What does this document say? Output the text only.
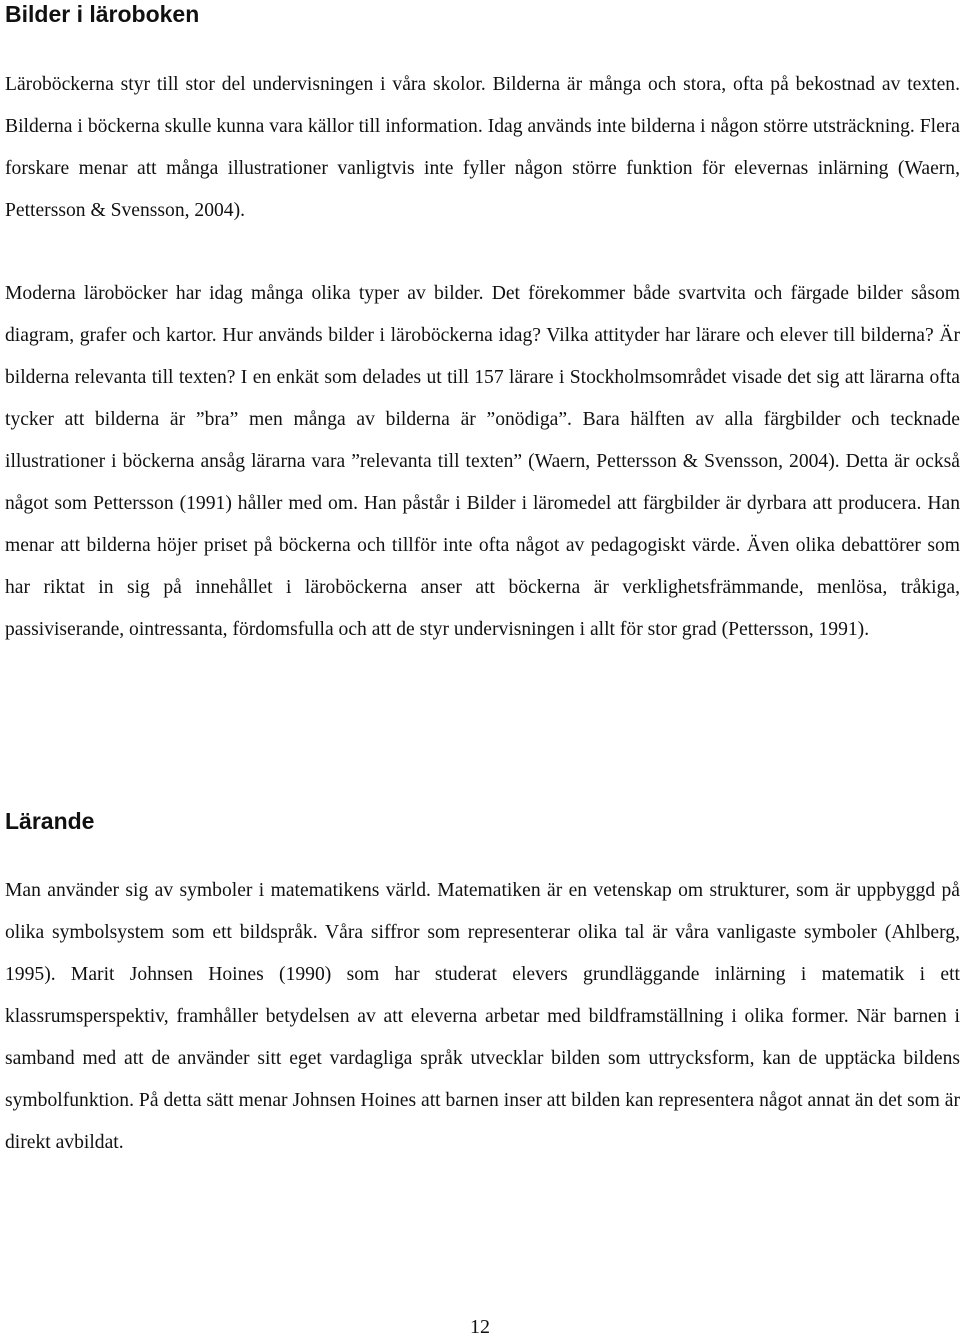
Bilder i läroboken

Läroböckerna styr till stor del undervisningen i våra skolor. Bilderna är många och stora, ofta på bekostnad av texten. Bilderna i böckerna skulle kunna vara källor till information. Idag används inte bilderna i någon större utsträckning. Flera forskare menar att många illustrationer vanligtvis inte fyller någon större funktion för elevernas inlärning (Waern, Pettersson & Svensson, 2004).

Moderna läroböcker har idag många olika typer av bilder. Det förekommer både svartvita och färgade bilder såsom diagram, grafer och kartor. Hur används bilder i läroböckerna idag? Vilka attityder har lärare och elever till bilderna? Är bilderna relevanta till texten? I en enkät som delades ut till 157 lärare i Stockholmsområdet visade det sig att lärarna ofta tycker att bilderna är ”bra” men många av bilderna är ”onödiga”. Bara hälften av alla färgbilder och tecknade illustrationer i böckerna ansåg lärarna vara ”relevanta till texten” (Waern, Pettersson & Svensson, 2004). Detta är också något som Pettersson (1991) håller med om. Han påstår i Bilder i läromedel att färgbilder är dyrbara att producera. Han menar att bilderna höjer priset på böckerna och tillför inte ofta något av pedagogiskt värde. Även olika debattörer som har riktat in sig på innehållet i läroböckerna anser att böckerna är verklighetsfrämmande, menlösa, tråkiga, passiviserande, ointressanta, fördomsfulla och att de styr undervisningen i allt för stor grad (Pettersson, 1991).

Lärande

Man använder sig av symboler i matematikens värld. Matematiken är en vetenskap om strukturer, som är uppbyggd på olika symbolsystem som ett bildspråk. Våra siffror som representerar olika tal är våra vanligaste symboler (Ahlberg, 1995). Marit Johnsen Hoines (1990) som har studerat elevers grundläggande inlärning i matematik i ett klassrumsperspektiv, framhåller betydelsen av att eleverna arbetar med bildframställning i olika former. När barnen i samband med att de använder sitt eget vardagliga språk utvecklar bilden som uttrycksform, kan de upptäcka bildens symbolfunktion. På detta sätt menar Johnsen Hoines att barnen inser att bilden kan representera något annat än det som är direkt avbildat.

12
